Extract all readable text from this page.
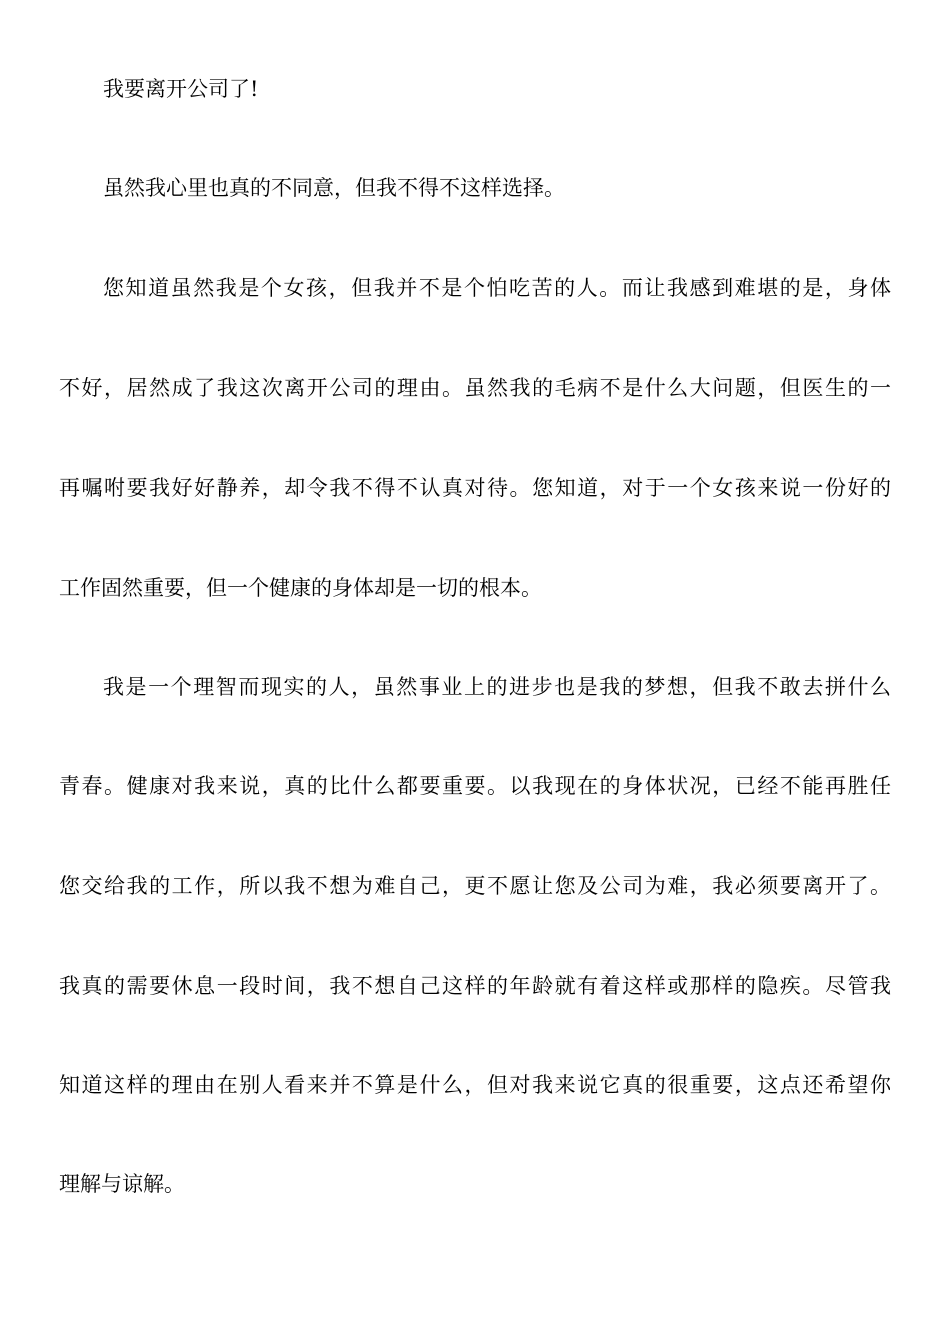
我要离开公司了!
虽然我心里也真的不同意，但我不得不这样选择。
您知道虽然我是个女孩，但我并不是个怕吃苦的人。而让我感到难堪的是，身体
不好，居然成了我这次离开公司的理由。虽然我的毛病不是什么大问题，但医生的一
再嘱咐要我好好静养，却令我不得不认真对待。您知道，对于一个女孩来说一份好的
工作固然重要，但一个健康的身体却是一切的根本。
我是一个理智而现实的人，虽然事业上的进步也是我的梦想，但我不敢去拼什么
青春。健康对我来说，真的比什么都要重要。以我现在的身体状况，已经不能再胜任
您交给我的工作，所以我不想为难自己，更不愿让您及公司为难，我必须要离开了。
我真的需要休息一段时间，我不想自己这样的年龄就有着这样或那样的隐疾。尽管我
知道这样的理由在别人看来并不算是什么，但对我来说它真的很重要，这点还希望你
理解与谅解。
